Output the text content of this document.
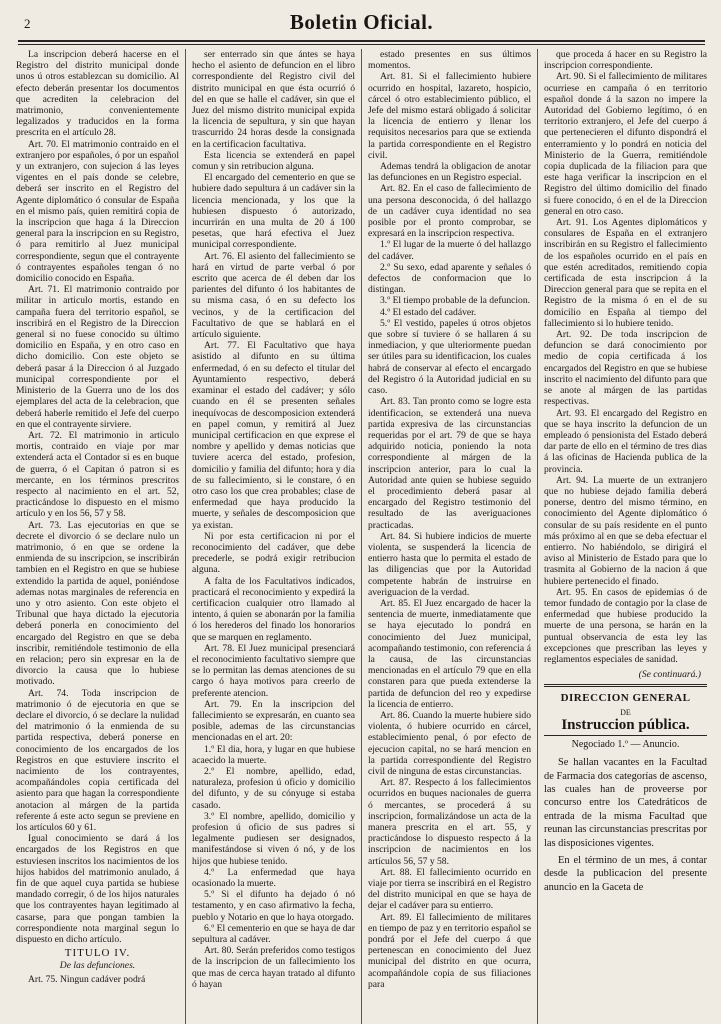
2	Boletin Oficial.

La inscripcion deberá hacerse en el Registro del distrito municipal donde unos ú otros establezcan su domicilio. Al efecto deberán presentar los documentos que acrediten la celebracion del matrimonio, convenientemente legalizados y traducidos en la forma prescrita en el artículo 28.

Art. 70. El matrimonio contraido en el extranjero por españoles, ó por un español y un extranjero, con sujecion á las leyes vigentes en el país donde se celebre, deberá ser inscrito en el Registro del Agente diplomático ó consular de España en el mismo país, quien remitirá copia de la inscripcion que haga á la Direccion general para la inscripcion en su Registro, ó para remitirlo al Juez municipal correspondiente, segun que el contrayente ó contrayentes españoles tengan ó no domicilio conocido en España.

Art. 71. El matrimonio contraido por militar in articulo mortis, estando en campaña fuera del territorio español, se inscribirá en el Registro de la Direccion general si no fuese conocido su último domicilio en España, y en otro caso en dicho domicilio. Con este objeto se deberá pasar á la Direccion ó al Juzgado municipal correspondiente por el Ministerio de la Guerra uno de los dos ejemplares del acta de la celebracion, que deberá haberle remitido el Jefe del cuerpo en que el contrayente sirviere.

Art. 72. El matrimonio in articulo mortis, contraido en viaje por mar extenderá acta el Contador si es en buque de guerra, ó el Capitan ó patron si es mercante, en los términos prescritos respecto al nacimiento en el art. 52, practicándose lo dispuesto en el mismo artículo y en los 56, 57 y 58.

Art. 73. Las ejecutorias en que se decrete el divorcio ó se declare nulo un matrimonio, ó en que se ordene la enmienda de su inscripcion, se inscribirán tambien en el Registro en que se hubiese extendido la partida de aquel, poniéndose ademas notas marginales de referencia en uno y otro asiento. Con este objeto el Tribunal que haya dictado la ejecutoria deberá ponerla en conocimiento del encargado del Registro en que se deba inscribir, remitiéndole testimonio de ella en relacion; pero sin expresar en la de divorcio la causa que lo hubiese motivado.

Art. 74. Toda inscripcion de matrimonio ó de ejecutoria en que se declare el divorcio, ó se declare la nulidad del matrimonio ó la enmienda de su partida respectiva, deberá ponerse en conocimiento de los encargados de los Registros en que estuviere inscrito el nacimiento de los contrayentes, acompañándoles copia certificada del asiento para que hagan la correspondiente anotacion al márgen de la partida referente á este acto segun se previene en los artículos 60 y 61.

Igual conocimiento se dará á los encargados de los Registros en que estuviesen inscritos los nacimientos de los hijos habidos del matrimonio anulado, á fin de que aquel cuya partida se hubiese mandado corregir, ó de los hijos naturales que los contrayentes hayan legitimado al casarse, para que pongan tambien la correspondiente nota marginal segun lo dispuesto en dicho artículo.

TITULO IV.
De las defunciones.

Art. 75. Ningun cadáver podrá

ser enterrado sin que ántes se haya hecho el asiento de defuncion en el libro correspondiente del Registro civil del distrito municipal en que ésta ocurrió ó del en que se halle el cadáver, sin que el Juez del mismo distrito municipal expida la licencia de sepultura, y sin que hayan trascurrido 24 horas desde la consignada en la certificacion facultativa.

Esta licencia se extenderá en papel comun y sin retribucion alguna.

El encargado del cementerio en que se hubiere dado sepultura á un cadáver sin la licencia mencionada, y los que la hubiesen dispuesto ó autorizado, incurrirán en una multa de 20 á 100 pesetas, que hará efectiva el Juez municipal correspondiente.

Art. 76. El asiento del fallecimiento se hará en virtud de parte verbal ó por escrito que acerca de él deben dar los parientes del difunto ó los habitantes de su misma casa, ó en su defecto los vecinos, y de la certificacion del Facultativo de que se hablará en el artículo siguiente.

Art. 77. El Facultativo que haya asistido al difunto en su última enfermedad, ó en su defecto el titular del Ayuntamiento respectivo, deberá examinar el estado del cadáver; y sólo cuando en él se presenten señales inequívocas de descomposicion extenderá en papel comun, y remitirá al Juez municipal certificacion en que exprese el nombre y apellido y demas noticias que tuviere acerca del estado, profesion, domicilio y familia del difunto; hora y dia de su fallecimiento, si le constare, ó en otro caso los que crea probables; clase de enfermedad que haya producido la muerte, y señales de descomposicion que ya existan.

Ni por esta certificacion ni por el reconocimiento del cadáver, que debe precederle, se podrá exigir retribucion alguna.

A falta de los Facultativos indicados, practicará el reconocimiento y expedirá la certificacion cualquier otro llamado al intento, á quien se abonarán por la familia ó los herederos del finado los honorarios que se marquen en reglamento.

Art. 78. El Juez municipal presenciará el reconocimiento facultativo siempre que se lo permitan las demas atenciones de su cargo ó haya motivos para creerlo de preferente atencion.

Art. 79. En la inscripcion del fallecimiento se expresarán, en cuanto sea posible, ademas de las circunstancias mencionadas en el art. 20:

1.º El dia, hora, y lugar en que hubiese acaecido la muerte.

2.º El nombre, apellido, edad, naturaleza, profesion ú oficio y domicilio del difunto, y de su cónyuge si estaba casado.

3.º El nombre, apellido, domicilio y profesion ú oficio de sus padres si legalmente pudiesen ser designados, manifestándose si viven ó nó, y de los hijos que hubiese tenido.

4.º La enfermedad que haya ocasionado la muerte.

5.º Si el difunto ha dejado ó nó testamento, y en caso afirmativo la fecha, pueblo y Notario en que lo haya otorgado.

6.º El cementerio en que se haya de dar sepultura al cadáver.

Art. 80. Serán preferidos como testigos de la inscripcion de un fallecimiento los que mas de cerca hayan tratado al difunto ó hayan

estado presentes en sus últimos momentos.

Art. 81. Si el fallecimiento hubiere ocurrido en hospital, lazareto, hospicio, cárcel ó otro establecimiento público, el Jefe del mismo estará obligado á solicitar la licencia de entierro y llenar los requisitos necesarios para que se extienda la partida correspondiente en el Registro civil.

Ademas tendrá la obligacion de anotar las defunciones en un Registro especial.

Art. 82. En el caso de fallecimiento de una persona desconocida, ó del hallazgo de un cadáver cuya identidad no sea posible por el pronto comprobar, se expresará en la inscripcion respectiva.

1.º El lugar de la muerte ó del hallazgo del cadáver.

2.º Su sexo, edad aparente y señales ó defectos de conformacion que lo distingan.

3.º El tiempo probable de la defuncion.

4.º El estado del cadáver.

5.º El vestido, papeles ú otros objetos que sobre sí tuviere ó se hallaren á su inmediacion, y que ulteriormente puedan ser útiles para su identificacion, los cuales habrá de conservar al efecto el encargado del Registro ó la Autoridad judicial en su caso.

Art. 83. Tan pronto como se logre esta identificacion, se extenderá una nueva partida expresiva de las circunstancias requeridas por el art. 79 de que se haya adquirido noticia, poniendo la nota correspondiente al márgen de la inscripcion anterior, para lo cual la Autoridad ante quien se hubiese seguido el procedimiento deberá pasar al encargado del Registro testimonio del resultado de las averiguaciones practicadas.

Art. 84. Si hubiere indicios de muerte violenta, se suspenderá la licencia de entierro hasta que lo permita el estado de las diligencias que por la Autoridad competente habrán de instruirse en averiguacion de la verdad.

Art. 85. El Juez encargado de hacer la sentencia de muerte, inmediatamente que se haya ejecutado lo pondrá en conocimiento del Juez municipal, acompañando testimonio, con referencia á la causa, de las circunstancias mencionadas en el artículo 79 que en ella constaren para que pueda extenderse la partida de defuncion del reo y expedirse la licencia de entierro.

Art. 86. Cuando la muerte hubiere sido violenta, ó hubiere ocurrido en cárcel, establecimiento penal, ó por efecto de ejecucion capital, no se hará mencion en la partida correspondiente del Registro civil de ninguna de estas circunstancias.

Art. 87. Respecto á los fallecimientos ocurridos en buques nacionales de guerra ó mercantes, se procederá á su inscripcion, formalizándose un acta de la manera prescrita en el art. 55, y practicándose lo dispuesto respecto á la inscripcion de nacimientos en los artículos 56, 57 y 58.

Art. 88. El fallecimiento ocurrido en viaje por tierra se inscribirá en el Registro del distrito municipal en que se haya de dejar el cadáver para su entierro.

Art. 89. El fallecimiento de militares en tiempo de paz y en territorio español se pondrá por el Jefe del cuerpo á que pertenescan en conocimiento del Juez municipal del distrito en que ocurra, acompañándole copia de sus filiaciones para

que proceda á hacer en su Registro la inscripcion correspondiente.

Art. 90. Si el fallecimiento de militares ocurriese en campaña ó en territorio español donde á la sazon no impere la Autoridad del Gobierno legítimo, ó en territorio extranjero, el Jefe del cuerpo á que pertenecieren el difunto dispondrá el enterramiento y lo pondrá en noticia del Ministerio de la Guerra, remitiéndole copia duplicada de la filiacion para que este haga verificar la inscripcion en el Registro del último domicilio del finado si fuere conocido, ó en el de la Direccion general en otro caso.

Art. 91. Los Agentes diplomáticos y consulares de España en el extranjero inscribirán en su Registro el fallecimiento de los españoles ocurrido en el país en que estén acreditados, remitiendo copia certificada de esta inscripcion á la Direccion general para que se repita en el Registro de la misma ó en el de su domicilio en España al tiempo del fallecimiento si lo hubiere tenido.

Art. 92. De toda inscripcion de defuncion se dará conocimiento por medio de copia certificada á los encargados del Registro en que se hubiese inscrito el nacimiento del difunto para que se anote al márgen de las partidas respectivas.

Art. 93. El encargado del Registro en que se haya inscrito la defuncion de un empleado ó pensionista del Estado deberá dar parte de ello en el término de tres dias á las oficinas de Hacienda publica de la provincia.

Art. 94. La muerte de un extranjero que no hubiese dejado familia deberá ponerse, dentro del mismo término, en conocimiento del Agente diplomático ó consular de su país residente en el punto más próximo al en que se deba efectuar el entierro. No habiéndolo, se dirigirá el aviso al Ministerio de Estado para que lo trasmita al Gobierno de la nacion á que hubiere pertenecido el finado.

Art. 95. En casos de epidemias ó de temor fundado de contagio por la clase de enfermedad que hubiese producido la muerte de una persona, se harán en la puntual observancia de esta ley las excepciones que prescriban las leyes y reglamentos especiales de sanidad.

(Se continuará.)
DIRECCION GENERAL
DE
Instruccion pública.
Negociado 1.º — Anuncio.

Se hallan vacantes en la Facultad de Farmacia dos categorías de ascenso, las cuales han de proveerse por concurso entre los Catedráticos de entrada de la misma Facultad que reunan las circunstancias prescritas por las disposiciones vigentes.

En el término de un mes, á contar desde la publicacion del presente anuncio en la Gaceta de
